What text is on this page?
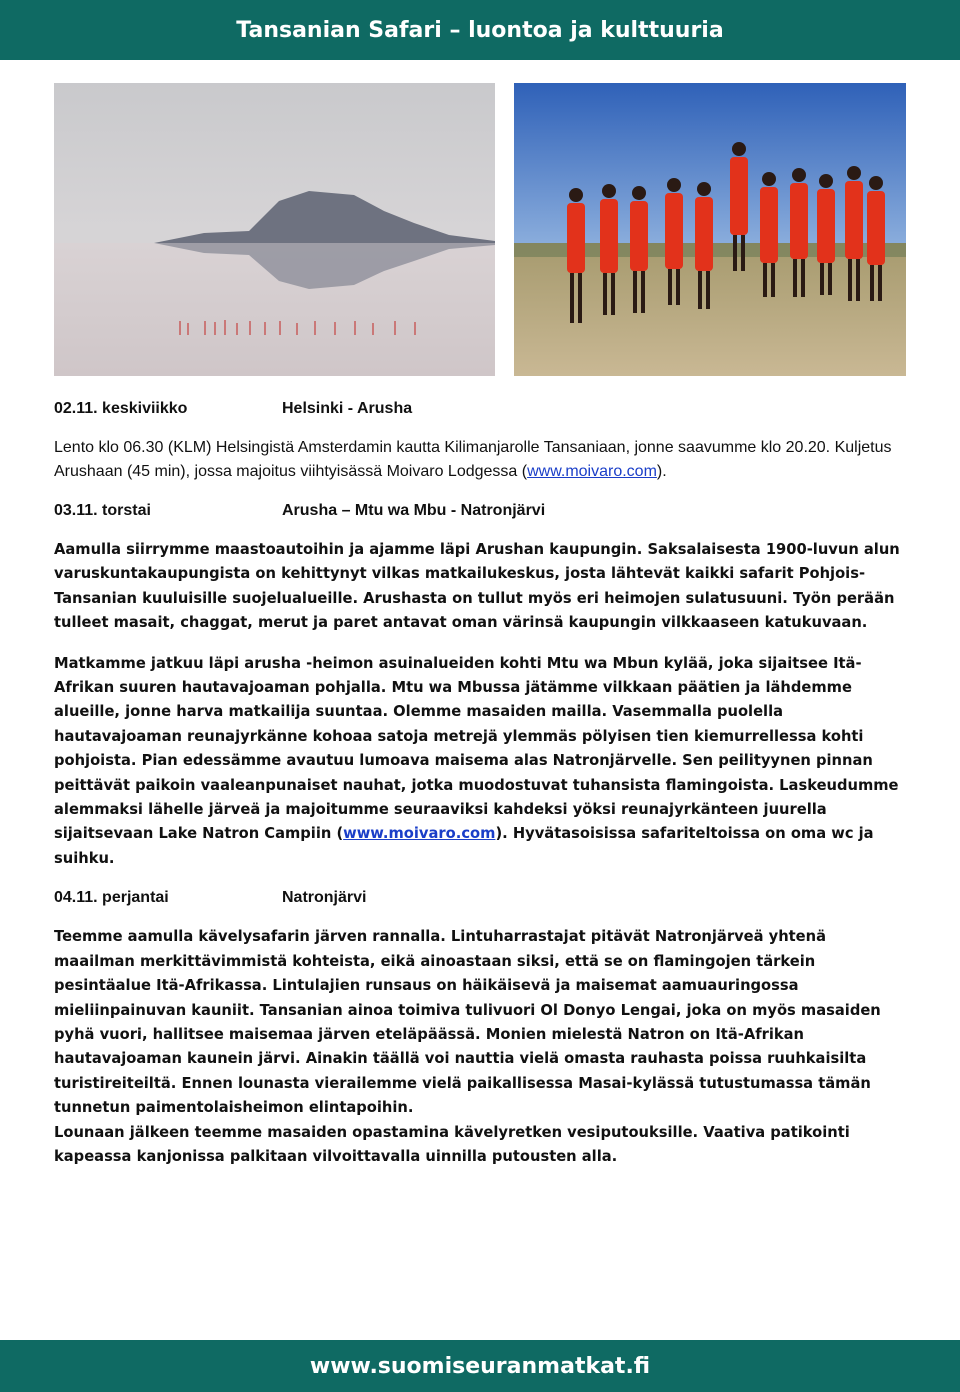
Tansanian Safari – luontoa ja kulttuuria
02.11. keskiviikko	Helsinki - Arusha

Lento klo 06.30 (KLM) Helsingistä Amsterdamin kautta Kilimanjarolle Tansaniaan, jonne saavumme klo 20.20. Kuljetus Arushaan (45 min), jossa majoitus viihtyisässä Moivaro Lodgessa (www.moivaro.com).

03.11. torstai	Arusha – Mtu wa Mbu - Natronjärvi

Aamulla siirrymme maastoautoihin ja ajamme läpi Arushan kaupungin. Saksalaisesta 1900-luvun alun varuskuntakaupungista on kehittynyt vilkas matkailukeskus, josta lähtevät kaikki safarit Pohjois-Tansanian kuuluisille suojelualueille. Arushasta on tullut myös eri heimojen sulatusuuni. Työn perään tulleet masait, chaggat, merut ja paret antavat oman värinsä kaupungin vilkkaaseen katukuvaan.

Matkamme jatkuu läpi arusha -heimon asuinalueiden kohti Mtu wa Mbun kylää, joka sijaitsee Itä-Afrikan suuren hautavajoaman pohjalla. Mtu wa Mbussa jätämme vilkkaan päätien ja lähdemme alueille, jonne harva matkailija suuntaa. Olemme masaiden mailla. Vasemmalla puolella hautavajoaman reunajyrkänne kohoaa satoja metrejä ylemmäs pölyisen tien kiemurrellessa kohti pohjoista. Pian edessämme avautuu lumoava maisema alas Natronjärvelle. Sen peilityynen pinnan peittävät paikoin vaaleanpunaiset nauhat, jotka muodostuvat tuhansista flamingoista. Laskeudumme alemmaksi lähelle järveä ja majoitumme seuraaviksi kahdeksi yöksi reunajyrkänteen juurella sijaitsevaan Lake Natron Campiin (www.moivaro.com). Hyvätasoisissa safariteltoissa on oma wc ja suihku.

04.11. perjantai	Natronjärvi

Teemme aamulla kävelysafarin järven rannalla. Lintuharrastajat pitävät Natronjärveä yhtenä maailman merkittävimmistä kohteista, eikä ainoastaan siksi, että se on flamingojen tärkein pesintäalue Itä-Afrikassa. Lintulajien runsaus on häikäisevä ja maisemat aamuauringossa mieliinpainuvan kauniit. Tansanian ainoa toimiva tulivuori Ol Donyo Lengai, joka on myös masaiden pyhä vuori, hallitsee maisemaa järven eteläpäässä. Monien mielestä Natron on Itä-Afrikan hautavajoaman kaunein järvi. Ainakin täällä voi nauttia vielä omasta rauhasta poissa ruuhkaisilta turistireiteiltä. Ennen lounasta vierailemme vielä paikallisessa Masai-kylässä tutustumassa tämän tunnetun paimentolaisheimon elintapoihin.

Lounaan jälkeen teemme masaiden opastamina kävelyretken vesiputouksille. Vaativa patikointi kapeassa kanjonissa palkitaan vilvoittavalla uinnilla putousten alla.

www.suomiseuranmatkat.fi
